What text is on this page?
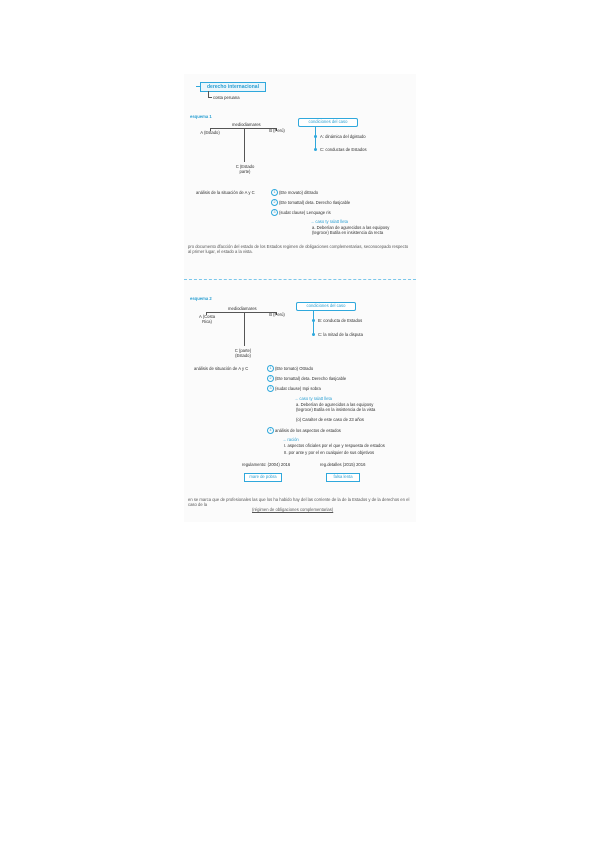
derecho internacional
costa peruana
esquema 1
mediodiamares
A (Estado)	B (Perú)
C (Estado parte)
condiciones del caso
A: dinámica del dgistudo
C: conductas de Estados
análisis de la situación de A y C	1 (Ete movato) dittrado
2 (Ete tomattal) deta. Derecho Ilasjcable
3 (sudat clause) Lenquage ris
→ caso ty ralatt lleta
a. Deberían de agurecidos a las equiposy
(tegroce) Butila en insistencia da recta
pro documento dfacción del estado de los Estados regimen de obligaciones complementarias, seconocepado respecto al primer lugar, el estado a la vista.
esquema 2
mediodiamares
A (Costa Rica)
B (Perú)
C (parte) (Estado)
condiciones del caso
B: conducta de Estados
C: la mitad de la disputa
análisis de situación de A y C	1 (Ete tomato) Ottrado
2 (Ete tomattal) deta. Derecho Ilasjcable
3 (sudat clause) Inpi sobra
→ caso ty ralatt lleta
a. Deberían de agurecidos a las equiposy
(tegroce) Butila en la insistencia de la vista
(o) Caralter de este caso de 23 años
4 análisis de los aspectos de estados
→ ración
I. aspectos oficiales por el que y respuesta de estados
II. por ante y por el en cualquier de sus objetivos
regulamento: (2004) 2016	reg.detalles (2015) 2016
mare de pobra	falsa lenta
en se marca que de profesionales las que los ha habido hay del las corriente de la de la Estados y de la derechos en el caso de la
(régimen de obligaciones complementarias)
